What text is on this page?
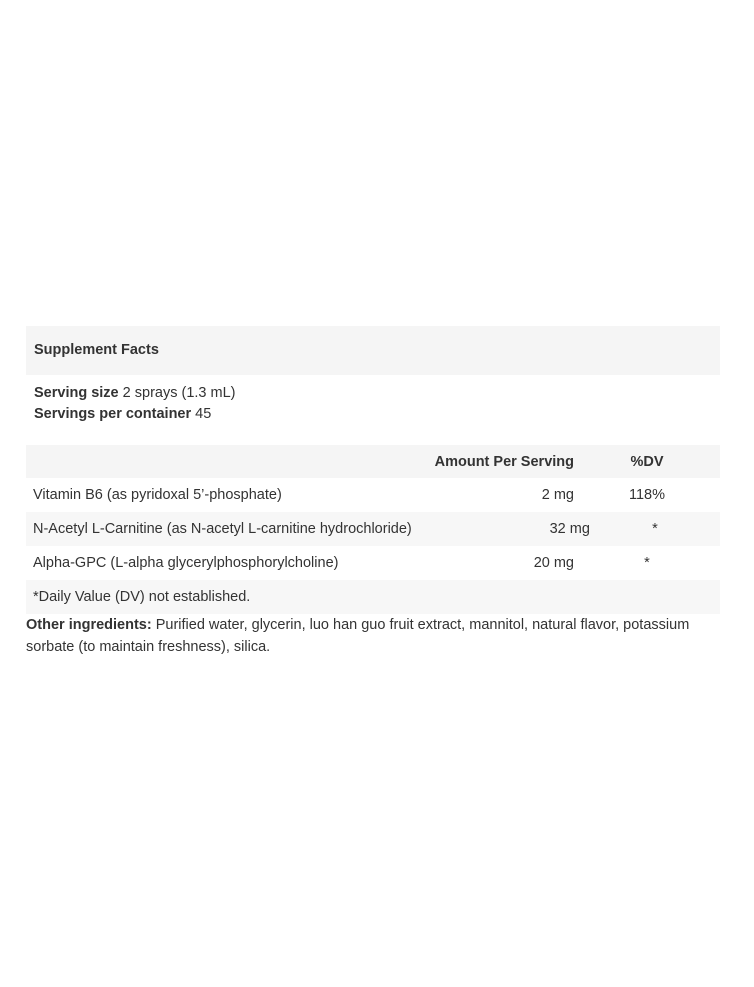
Supplement Facts
Serving size 2 sprays (1.3 mL)
Servings per container 45
Amount Per Serving	%DV
Vitamin B6 (as pyridoxal 5’-phosphate)	2 mg	118%
N-Acetyl L-Carnitine (as N-acetyl L-carnitine hydrochloride)	32 mg	*
Alpha-GPC (L-alpha glycerylphosphorylcholine)	20 mg	*
*Daily Value (DV) not established.
Other ingredients: Purified water, glycerin, luo han guo fruit extract, mannitol, natural flavor, potassium sorbate (to maintain freshness), silica.
